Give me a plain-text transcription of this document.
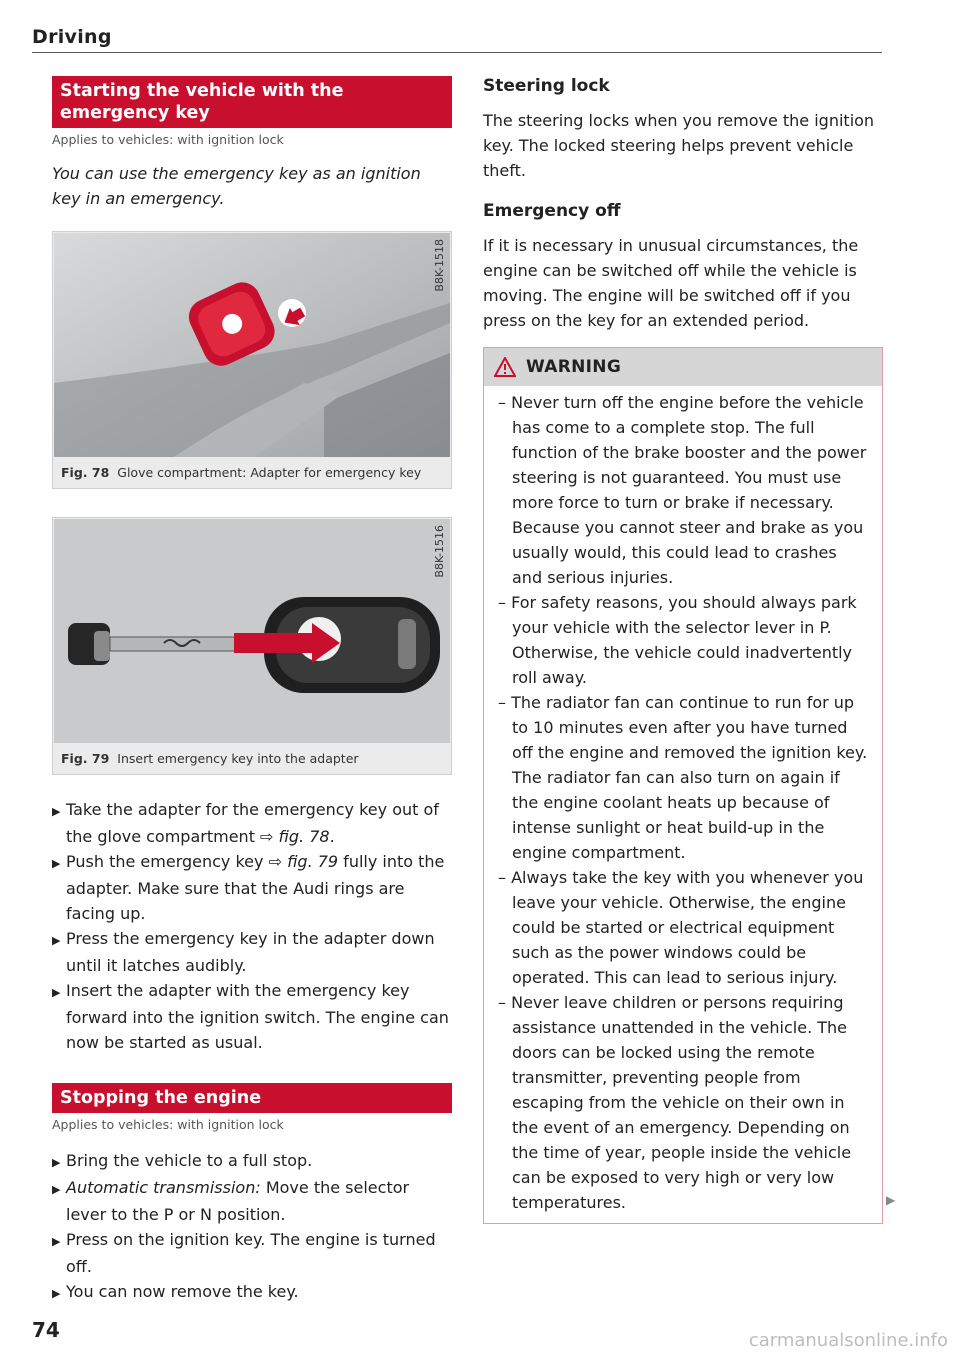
Driving
Starting the vehicle with the emergency key
Applies to vehicles: with ignition lock
You can use the emergency key as an ignition key in an emergency.
B8K-1518
Fig. 78 Glove compartment: Adapter for emergency key
B8K-1516
Fig. 79 Insert emergency key into the adapter
▶ Take the adapter for the emergency key out of the glove compartment ⇨ fig. 78.
▶ Push the emergency key ⇨ fig. 79 fully into the adapter. Make sure that the Audi rings are facing up.
▶ Press the emergency key in the adapter down until it latches audibly.
▶ Insert the adapter with the emergency key forward into the ignition switch. The engine can now be started as usual.
Stopping the engine
Applies to vehicles: with ignition lock
▶ Bring the vehicle to a full stop.
▶ Automatic transmission: Move the selector lever to the P or N position.
▶ Press on the ignition key. The engine is turned off.
▶ You can now remove the key.
Steering lock
The steering locks when you remove the ignition key. The locked steering helps prevent vehicle theft.
Emergency off
If it is necessary in unusual circumstances, the engine can be switched off while the vehicle is moving. The engine will be switched off if you press on the key for an extended period.
WARNING
– Never turn off the engine before the vehicle has come to a complete stop. The full function of the brake booster and the power steering is not guaranteed. You must use more force to turn or brake if necessary. Because you cannot steer and brake as you usually would, this could lead to crashes and serious injuries.
– For safety reasons, you should always park your vehicle with the selector lever in P. Otherwise, the vehicle could inadvertently roll away.
– The radiator fan can continue to run for up to 10 minutes even after you have turned off the engine and removed the ignition key. The radiator fan can also turn on again if the engine coolant heats up because of intense sunlight or heat build-up in the engine compartment.
– Always take the key with you whenever you leave your vehicle. Otherwise, the engine could be started or electrical equipment such as the power windows could be operated. This can lead to serious injury.
– Never leave children or persons requiring assistance unattended in the vehicle. The doors can be locked using the remote transmitter, preventing people from escaping from the vehicle on their own in the event of an emergency. Depending on the time of year, people inside the vehicle can be exposed to very high or very low temperatures.	▶
74	carmanualsonline.info
